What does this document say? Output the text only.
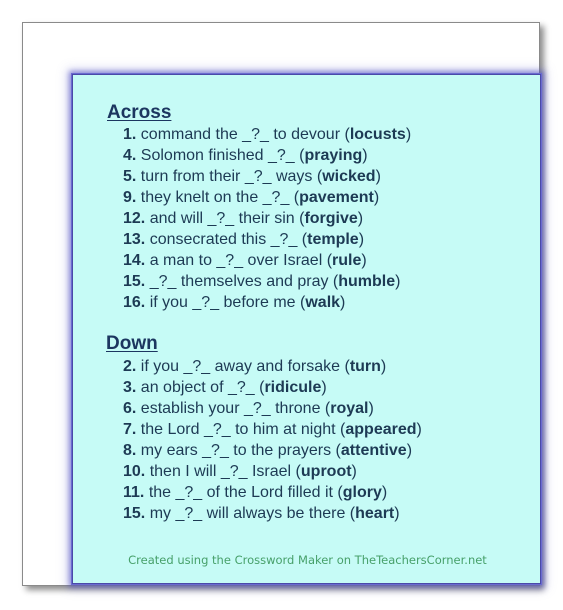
Across
1. command the _?_ to devour (locusts)
4. Solomon finished _?_ (praying)
5. turn from their _?_ ways (wicked)
9. they knelt on the _?_ (pavement)
12. and will _?_ their sin (forgive)
13. consecrated this _?_ (temple)
14. a man to _?_ over Israel (rule)
15. _?_ themselves and pray (humble)
16. if you _?_ before me (walk)
Down
2. if you _?_ away and forsake (turn)
3. an object of _?_ (ridicule)
6. establish your _?_ throne (royal)
7. the Lord _?_ to him at night (appeared)
8. my ears _?_ to the prayers (attentive)
10. then I will _?_ Israel (uproot)
11. the _?_ of the Lord filled it (glory)
15. my _?_ will always be there (heart)
Created using the Crossword Maker on TheTeachersCorner.net
